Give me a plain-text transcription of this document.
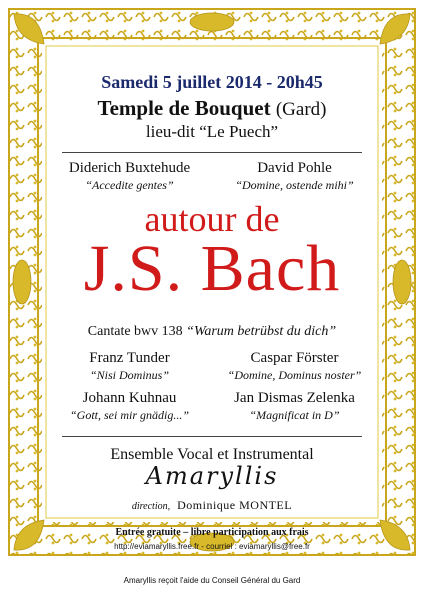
Samedi 5 juillet 2014 - 20h45
Temple de Bouquet (Gard)
lieu-dit “Le Puech”
Diderich Buxtehude
“Accedite gentes”
David Pohle
“Domine, ostende mihi”
autour de
J.S. Bach
Cantate bwv 138 “Warum betrübst du dich”
Franz Tunder
“Nisi Dominus”
Caspar Förster
“Domine, Dominus noster”
Johann Kuhnau
“Gott, sei mir gnädig...”
Jan Dismas Zelenka
“Magnificat in D”
Ensemble Vocal et Instrumental
Amaryllis
direction, Dominique MONTEL
Entrée gratuite – libre participation aux frais
http://eviamaryllis.free.fr - courriel : eviamaryllis@free.fr
Amaryllis reçoit l'aide du Conseil Général du Gard
